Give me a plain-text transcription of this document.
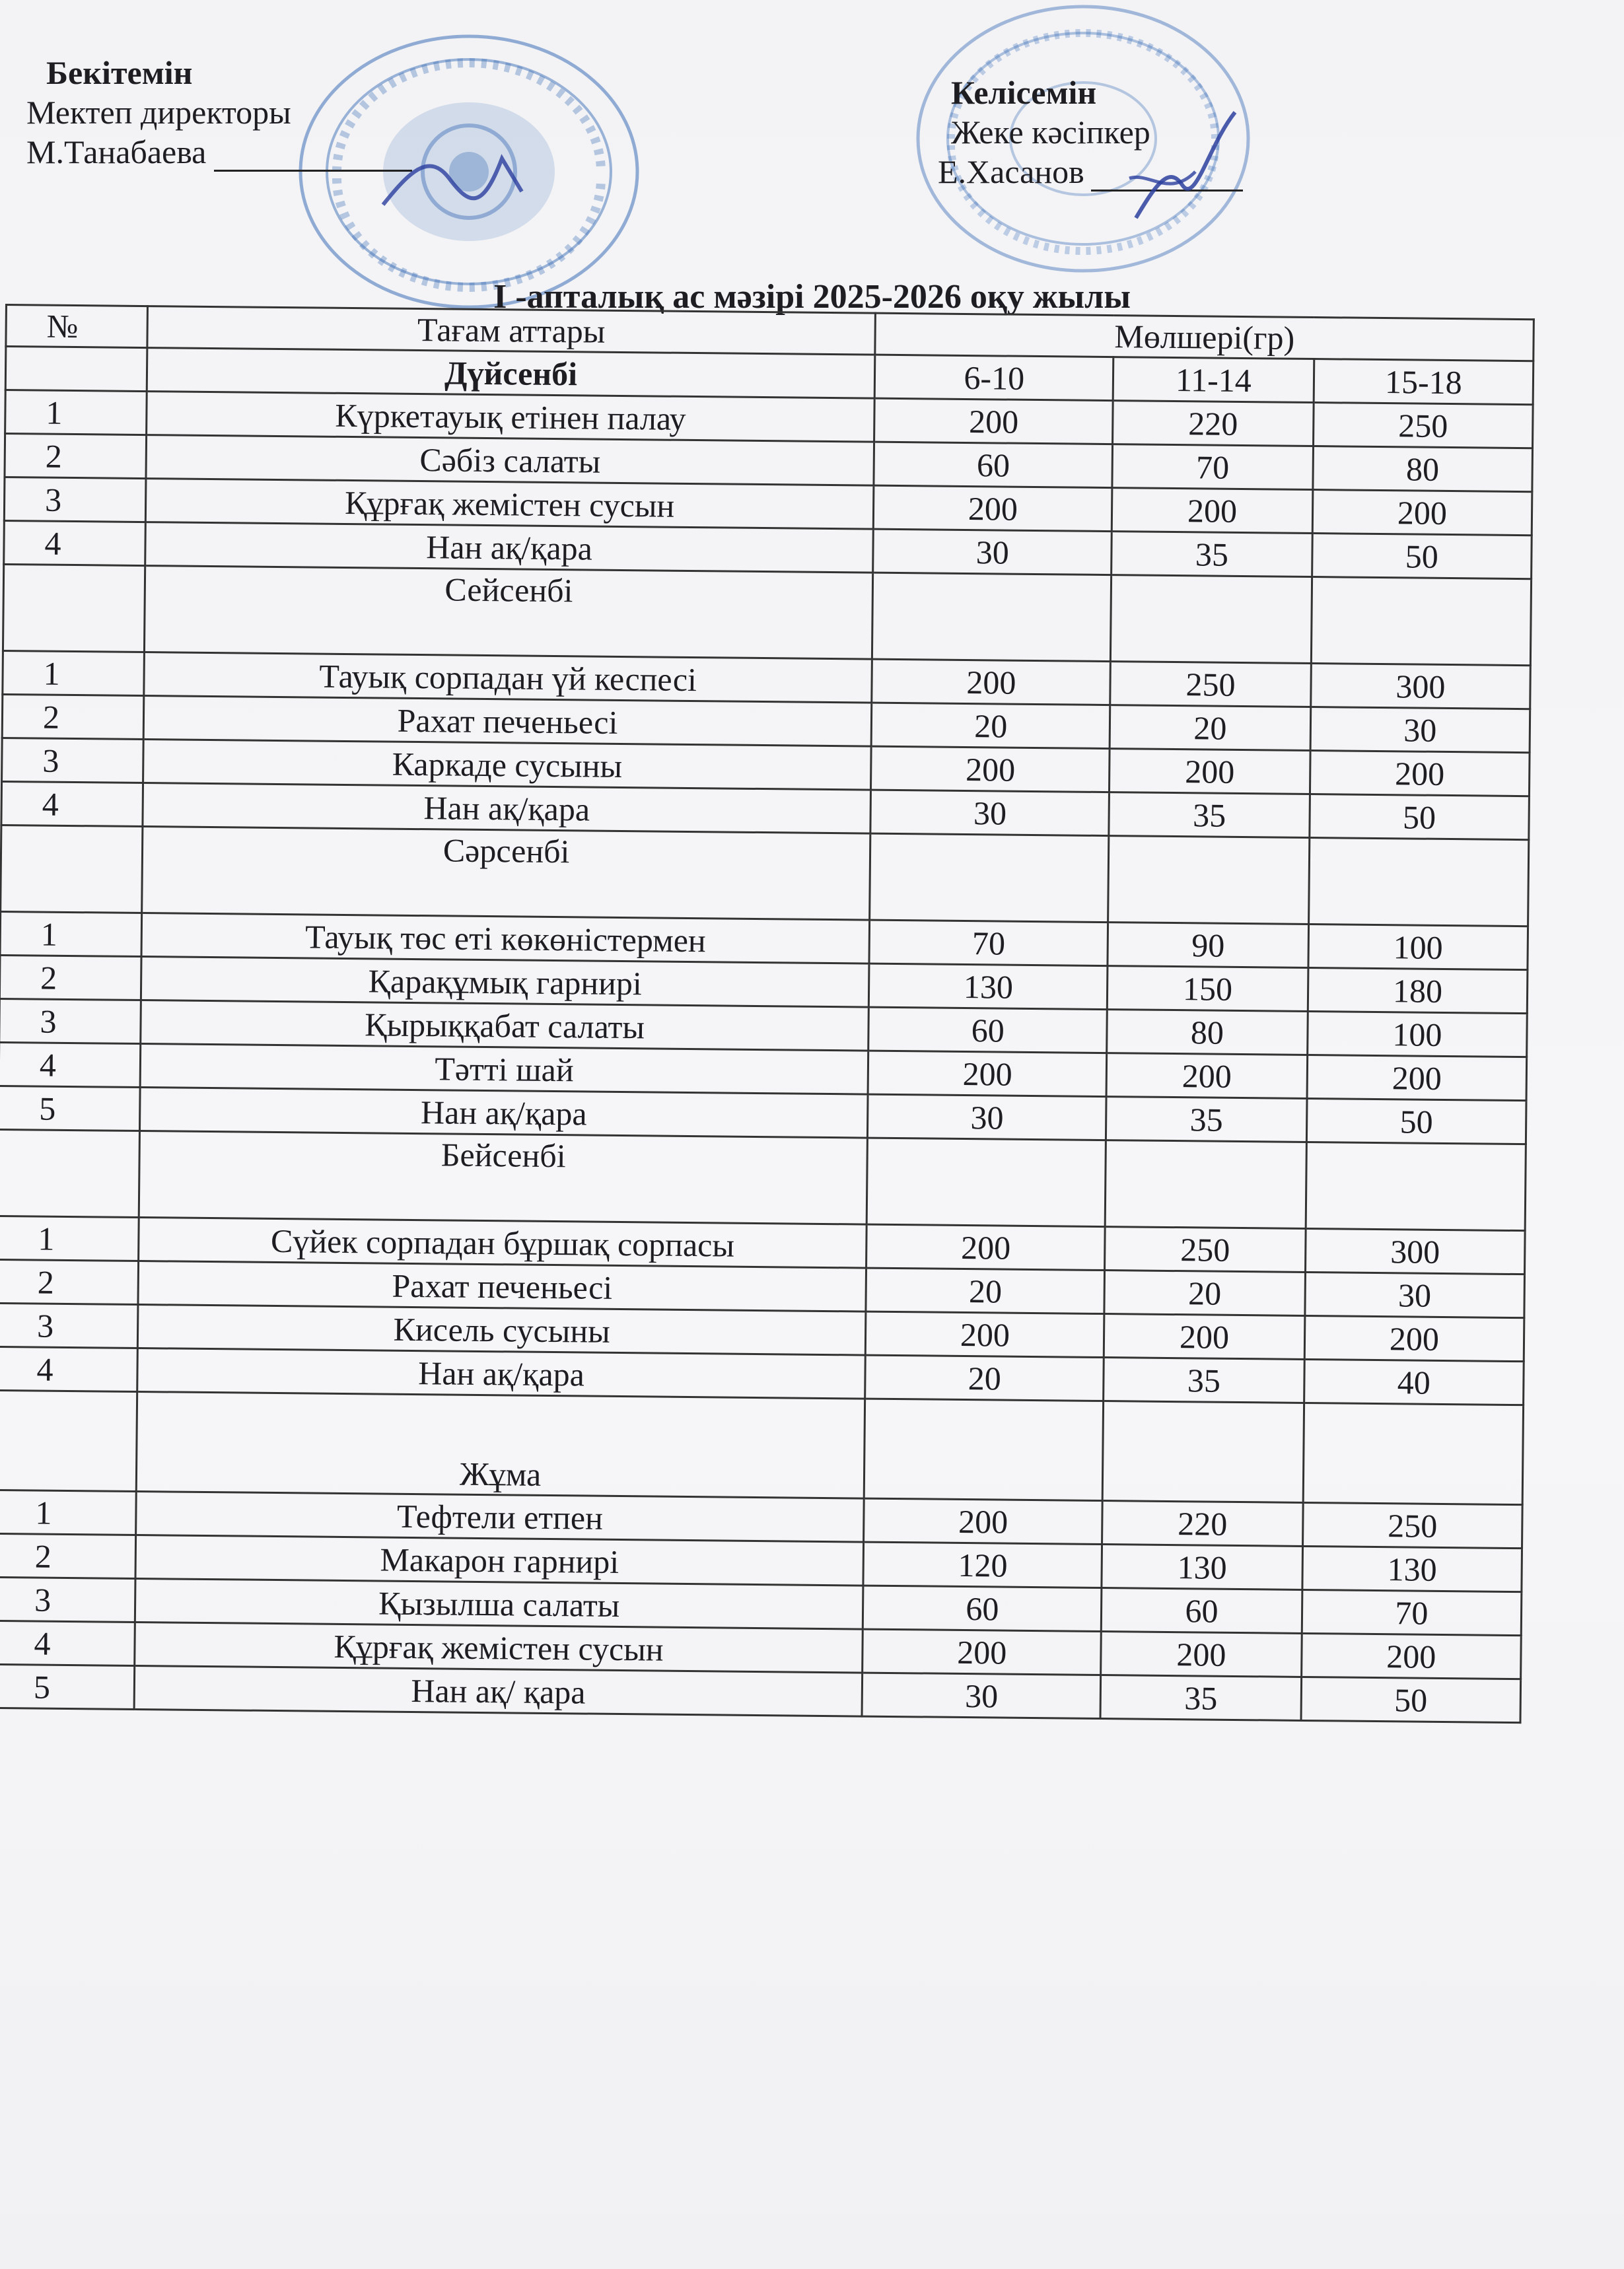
Бекітемін
Мектеп директоры
М.Танабаева
Келісемін
Жеке кәсіпкер
Е.Хасанов
I -апталық ас мәзірі 2025-2026 оқу жылы
№	Тағам аттары	Мөлшері(гр)		
	Дүйсенбі	6-10	11-14	15-18
1	Күркетауық етінен палау	200	220	250
2	Сәбіз салаты	60	70	80
3	Құрғақ жемістен сусын	200	200	200
4	Нан ақ/қара	30	35	50
	Сейсенбі			
1	Тауық сорпадан үй кеспесі	200	250	300
2	Рахат печеньесі	20	20	30
3	Каркаде сусыны	200	200	200
4	Нан ақ/қара	30	35	50
	Сәрсенбі			
1	Тауық төс еті көкөністермен	70	90	100
2	Қарақұмық гарнирі	130	150	180
3	Қырыққабат салаты	60	80	100
4	Тәтті шай	200	200	200
5	Нан ақ/қара	30	35	50
	Бейсенбі			
1	Сүйек сорпадан бұршақ сорпасы	200	250	300
2	Рахат печеньесі	20	20	30
3	Кисель сусыны	200	200	200
4	Нан ақ/қара	20	35	40
	Жұма			
1	Тефтели етпен	200	220	250
2	Макарон гарнирі	120	130	130
3	Қызылша салаты	60	60	70
4	Құрғақ жемістен сусын	200	200	200
5	Нан ақ/ қара	30	35	50
